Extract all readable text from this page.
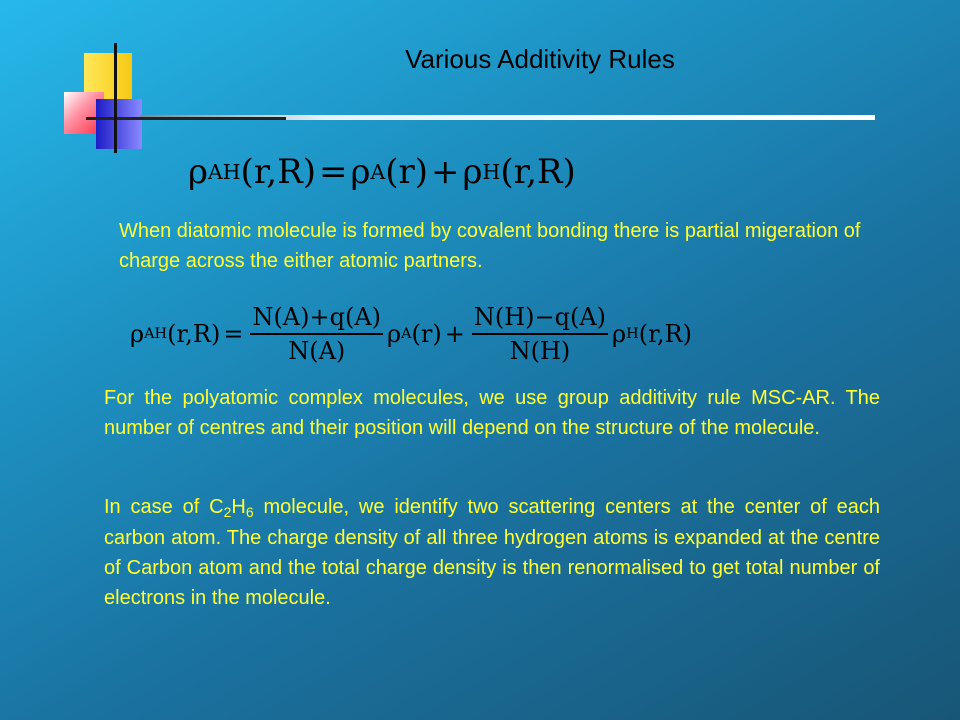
Various Additivity Rules
ρ AH (r,R) = ρ A (r) + ρ H (r,R)

When diatomic molecule is formed by covalent bonding there is partial migeration of charge across the either atomic partners.

ρ AH $(r,R) = \frac{N(A)+q(A)}{N(A)}$ ρ A $(r) + \frac{N(H)-q(A)}{N(H)}$ ρ H (r,R)

For the polyatomic complex molecules, we use group additivity rule MSC-AR. The number of centres and their position will depend on the structure of the molecule.

In case of $C_2H_6$ molecule, we identify two scattering centers at the center of each carbon atom. The charge density of all three hydrogen atoms is expanded at the centre of Carbon atom and the total charge density is then renormalised to get total number of electrons in the molecule.
